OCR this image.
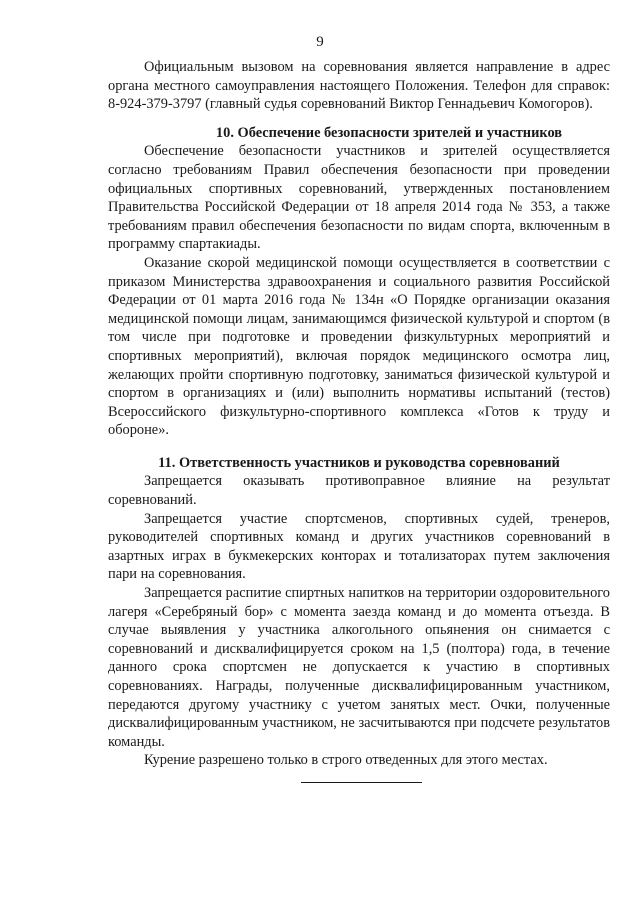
9

Официальным вызовом на соревнования является направление в адрес органа местного самоуправления настоящего Положения. Телефон для справок: 8-924-379-3797 (главный судья соревнований Виктор Геннадьевич Комогоров).

10. Обеспечение безопасности зрителей и участников

Обеспечение безопасности участников и зрителей осуществляется согласно требованиям Правил обеспечения безопасности при проведении официальных спортивных соревнований, утвержденных постановлением Правительства Российской Федерации от 18 апреля 2014 года № 353, а также требованиям правил обеспечения безопасности по видам спорта, включенным в программу спартакиады.

Оказание скорой медицинской помощи осуществляется в соответствии с приказом Министерства здравоохранения и социального развития Российской Федерации от 01 марта 2016 года № 134н «О Порядке организации оказания медицинской помощи лицам, занимающимся физической культурой и спортом (в том числе при подготовке и проведении физкультурных мероприятий и спортивных мероприятий), включая порядок медицинского осмотра лиц, желающих пройти спортивную подготовку, заниматься физической культурой и спортом в организациях и (или) выполнить нормативы испытаний (тестов) Всероссийского физкультурно-спортивного комплекса «Готов к труду и обороне».

11. Ответственность участников и руководства соревнований

Запрещается оказывать противоправное влияние на результат соревнований.

Запрещается участие спортсменов, спортивных судей, тренеров, руководителей спортивных команд и других участников соревнований в азартных играх в букмекерских конторах и тотализаторах путем заключения пари на соревнования.

Запрещается распитие спиртных напитков на территории оздоровительного лагеря «Серебряный бор» с момента заезда команд и до момента отъезда. В случае выявления у участника алкогольного опьянения он снимается с соревнований и дисквалифицируется сроком на 1,5 (полтора) года, в течение данного срока спортсмен не допускается к участию в спортивных соревнованиях. Награды, полученные дисквалифицированным участником, передаются другому участнику с учетом занятых мест. Очки, полученные дисквалифицированным участником, не засчитываются при подсчете результатов команды.

Курение разрешено только в строго отведенных для этого местах.
